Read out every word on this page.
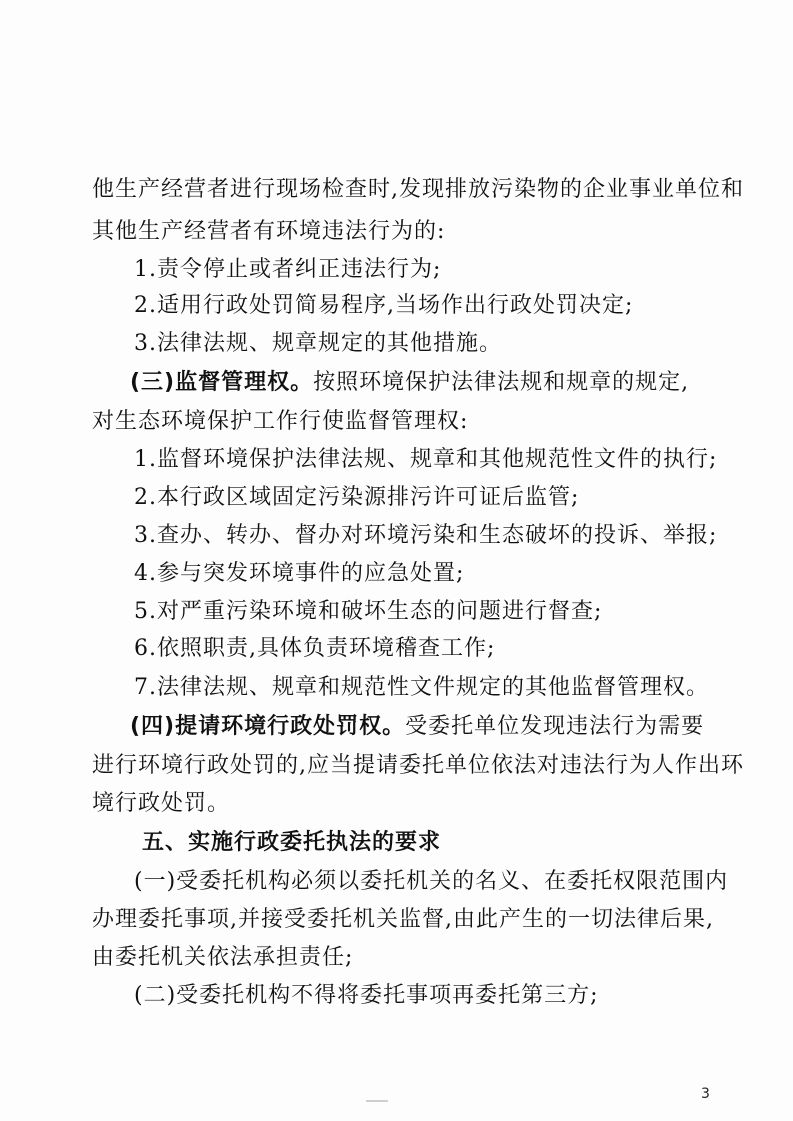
他生产经营者进行现场检查时,发现排放污染物的企业事业单位和
其他生产经营者有环境违法行为的:
1.责令停止或者纠正违法行为;
2.适用行政处罚简易程序,当场作出行政处罚决定;
3.法律法规、规章规定的其他措施。
(三)监督管理权。按照环境保护法律法规和规章的规定,
对生态环境保护工作行使监督管理权:
1.监督环境保护法律法规、规章和其他规范性文件的执行;
2.本行政区域固定污染源排污许可证后监管;
3.查办、转办、督办对环境污染和生态破坏的投诉、举报;
4.参与突发环境事件的应急处置;
5.对严重污染环境和破坏生态的问题进行督查;
6.依照职责,具体负责环境稽查工作;
7.法律法规、规章和规范性文件规定的其他监督管理权。
(四)提请环境行政处罚权。受委托单位发现违法行为需要
进行环境行政处罚的,应当提请委托单位依法对违法行为人作出环
境行政处罚。
五、实施行政委托执法的要求
(一)受委托机构必须以委托机关的名义、在委托权限范围内
办理委托事项,并接受委托机关监督,由此产生的一切法律后果,
由委托机关依法承担责任;
(二)受委托机构不得将委托事项再委托第三方;
3
